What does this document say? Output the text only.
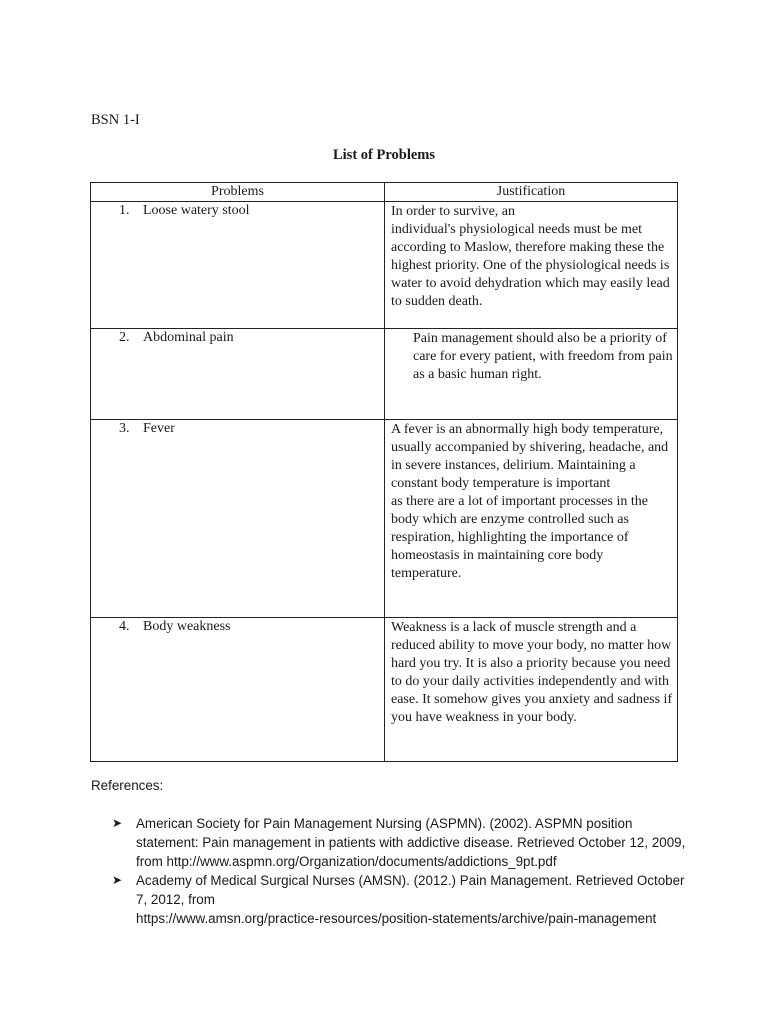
BSN 1-I
List of Problems
Problems	Justification
1. Loose watery stool	In order to survive, an
individual's physiological needs must be met according to Maslow, therefore making these the highest priority. One of the physiological needs is water to avoid dehydration which may easily lead to sudden death.
2. Abdominal pain	Pain management should also be a priority of care for every patient, with freedom from pain as a basic human right.
3. Fever	A fever is an abnormally high body temperature, usually accompanied by shivering, headache, and in severe instances, delirium. Maintaining a constant body temperature is important
as there are a lot of important processes in the body which are enzyme controlled such as respiration, highlighting the importance of homeostasis in maintaining core body temperature.
4. Body weakness	Weakness is a lack of muscle strength and a reduced ability to move your body, no matter how hard you try. It is also a priority because you need to do your daily activities independently and with ease. It somehow gives you anxiety and sadness if you have weakness in your body.
References:
➤ American Society for Pain Management Nursing (ASPMN). (2002). ASPMN position statement: Pain management in patients with addictive disease. Retrieved October 12, 2009, from http://www.aspmn.org/Organization/documents/addictions_9pt.pdf
➤ Academy of Medical Surgical Nurses (AMSN). (2012.) Pain Management. Retrieved October 7, 2012, from
https://www.amsn.org/practice-resources/position-statements/archive/pain-management
